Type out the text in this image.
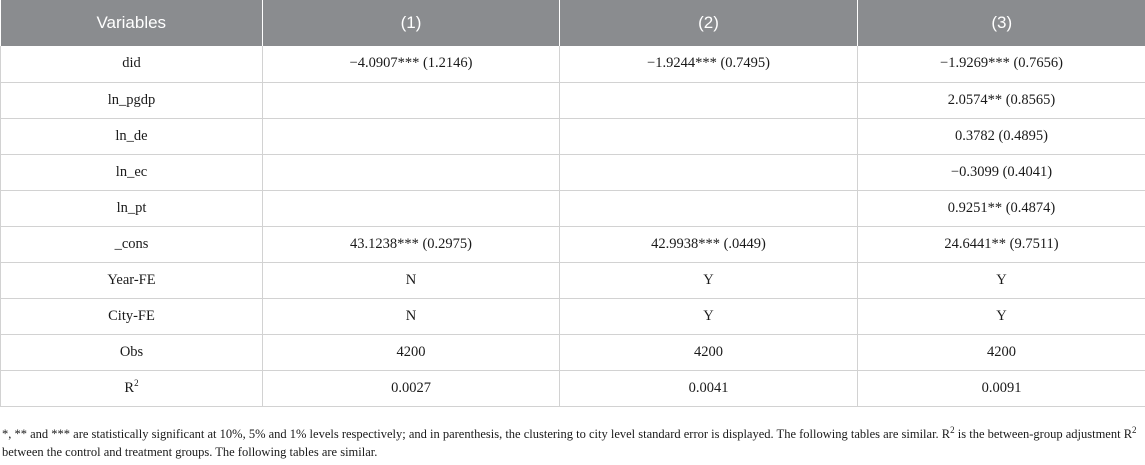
Variables	(1)	(2)	(3)
did	−4.0907*** (1.2146)	−1.9244*** (0.7495)	−1.9269*** (0.7656)
ln_pgdp			2.0574** (0.8565)
ln_de			0.3782 (0.4895)
ln_ec			−0.3099 (0.4041)
ln_pt			0.9251** (0.4874)
_cons	43.1238*** (0.2975)	42.9938*** (.0449)	24.6441** (9.7511)
Year-FE	N	Y	Y
City-FE	N	Y	Y
Obs	4200	4200	4200
$R^2$	0.0027	0.0041	0.0091
*, ** and *** are statistically significant at 10%, 5% and 1% levels respectively; and in parenthesis, the clustering to city level standard error is displayed. The following tables are similar. $R^2$ is the between-group adjustment $R^2$ between the control and treatment groups. The following tables are similar.
